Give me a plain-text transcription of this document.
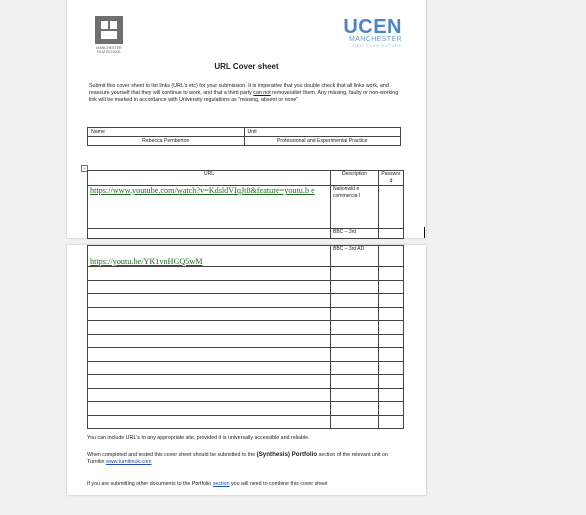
MANCHESTER
FILM SCHOOL
UCEN
MANCHESTER
FIND YOUR FUTURE
URL Cover sheet
Submit this cover sheet to list links (URL's etc) for your submission. It is imperative that you double check that all links work, and reassure yourself that they will continue to work, and that a third party can not remove/alter them. Any missing, faulty or non-working link will be marked in accordance with University regulations as "missing, absent or none"
Name	Unit
Rebecca Pemberton	Professional and Experimental Practice
+
URL	Description	Passwor d
https://www.youtube.com/watch?v=KdsldVIqJt8&feature=youtu.b e	Nationwid e commercia l	
	BBC – 3rd	
https://youtu.be/YK1vnHGQ5wM	BBC – 3rd AD	

You can include URL's to any appropriate site, provided it is universally accessible and reliable.
When completed and tested this cover sheet should be submitted to the (Synthesis) Portfolio section of the relevant unit on Turnitin www.turnitinuk.com
If you are submitting other documents to the Portfolio section you will need to combine this cover sheet
